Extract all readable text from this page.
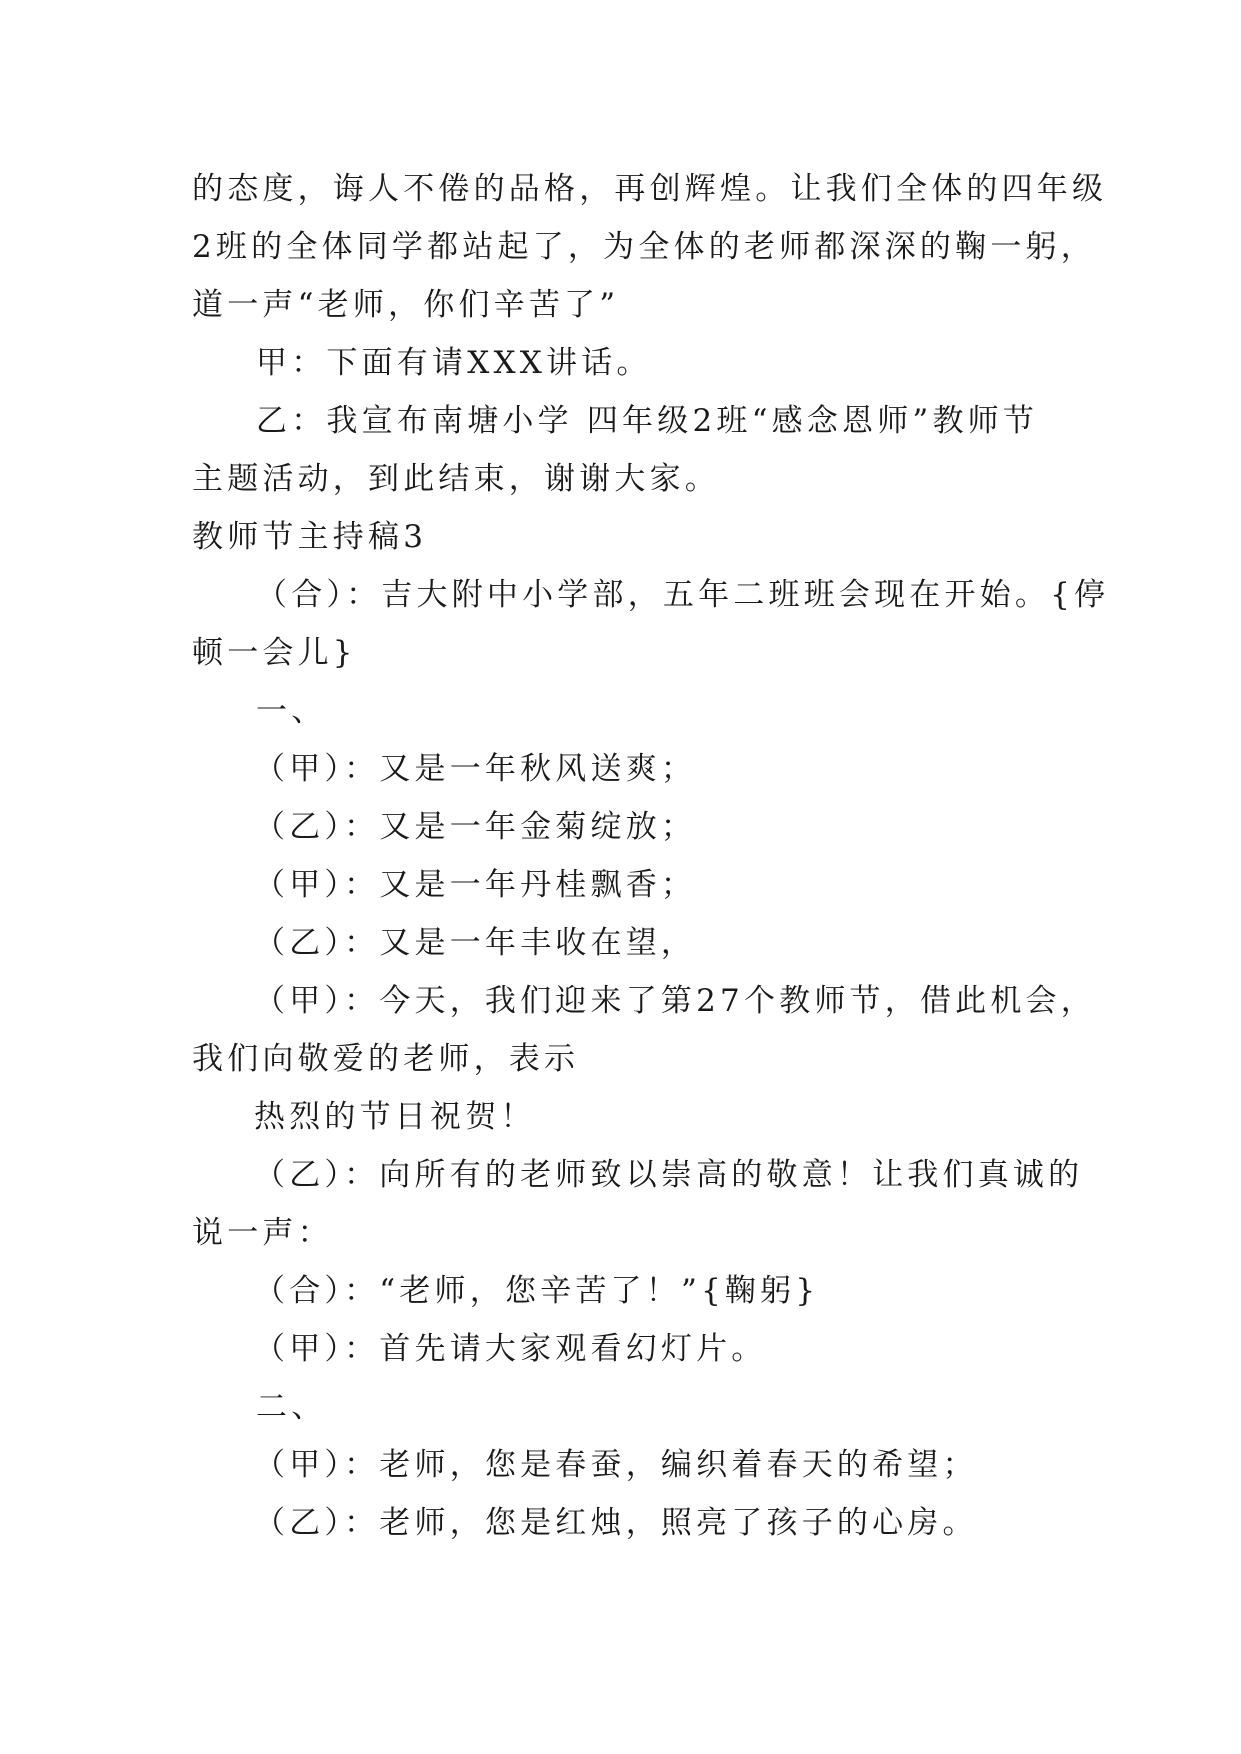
的态度，诲人不倦的品格，再创辉煌。让我们全体的四年级
2班的全体同学都站起了，为全体的老师都深深的鞠一躬，
道一声“老师，你们辛苦了”
甲：下面有请XXX讲话。
乙：我宣布南塘小学 四年级2班“感念恩师”教师节
主题活动，到此结束，谢谢大家。
教师节主持稿3
（合）：吉大附中小学部，五年二班班会现在开始。{停
顿一会儿}
一、
（甲）：又是一年秋风送爽；
（乙）：又是一年金菊绽放；
（甲）：又是一年丹桂飘香；
（乙）：又是一年丰收在望，
（甲）：今天，我们迎来了第27个教师节，借此机会，
我们向敬爱的老师，表示
热烈的节日祝贺！
（乙）：向所有的老师致以崇高的敬意！让我们真诚的
说一声：
（合）：“老师，您辛苦了！”{鞠躬}
（甲）：首先请大家观看幻灯片。
二、
（甲）：老师，您是春蚕，编织着春天的希望；
（乙）：老师，您是红烛，照亮了孩子的心房。
